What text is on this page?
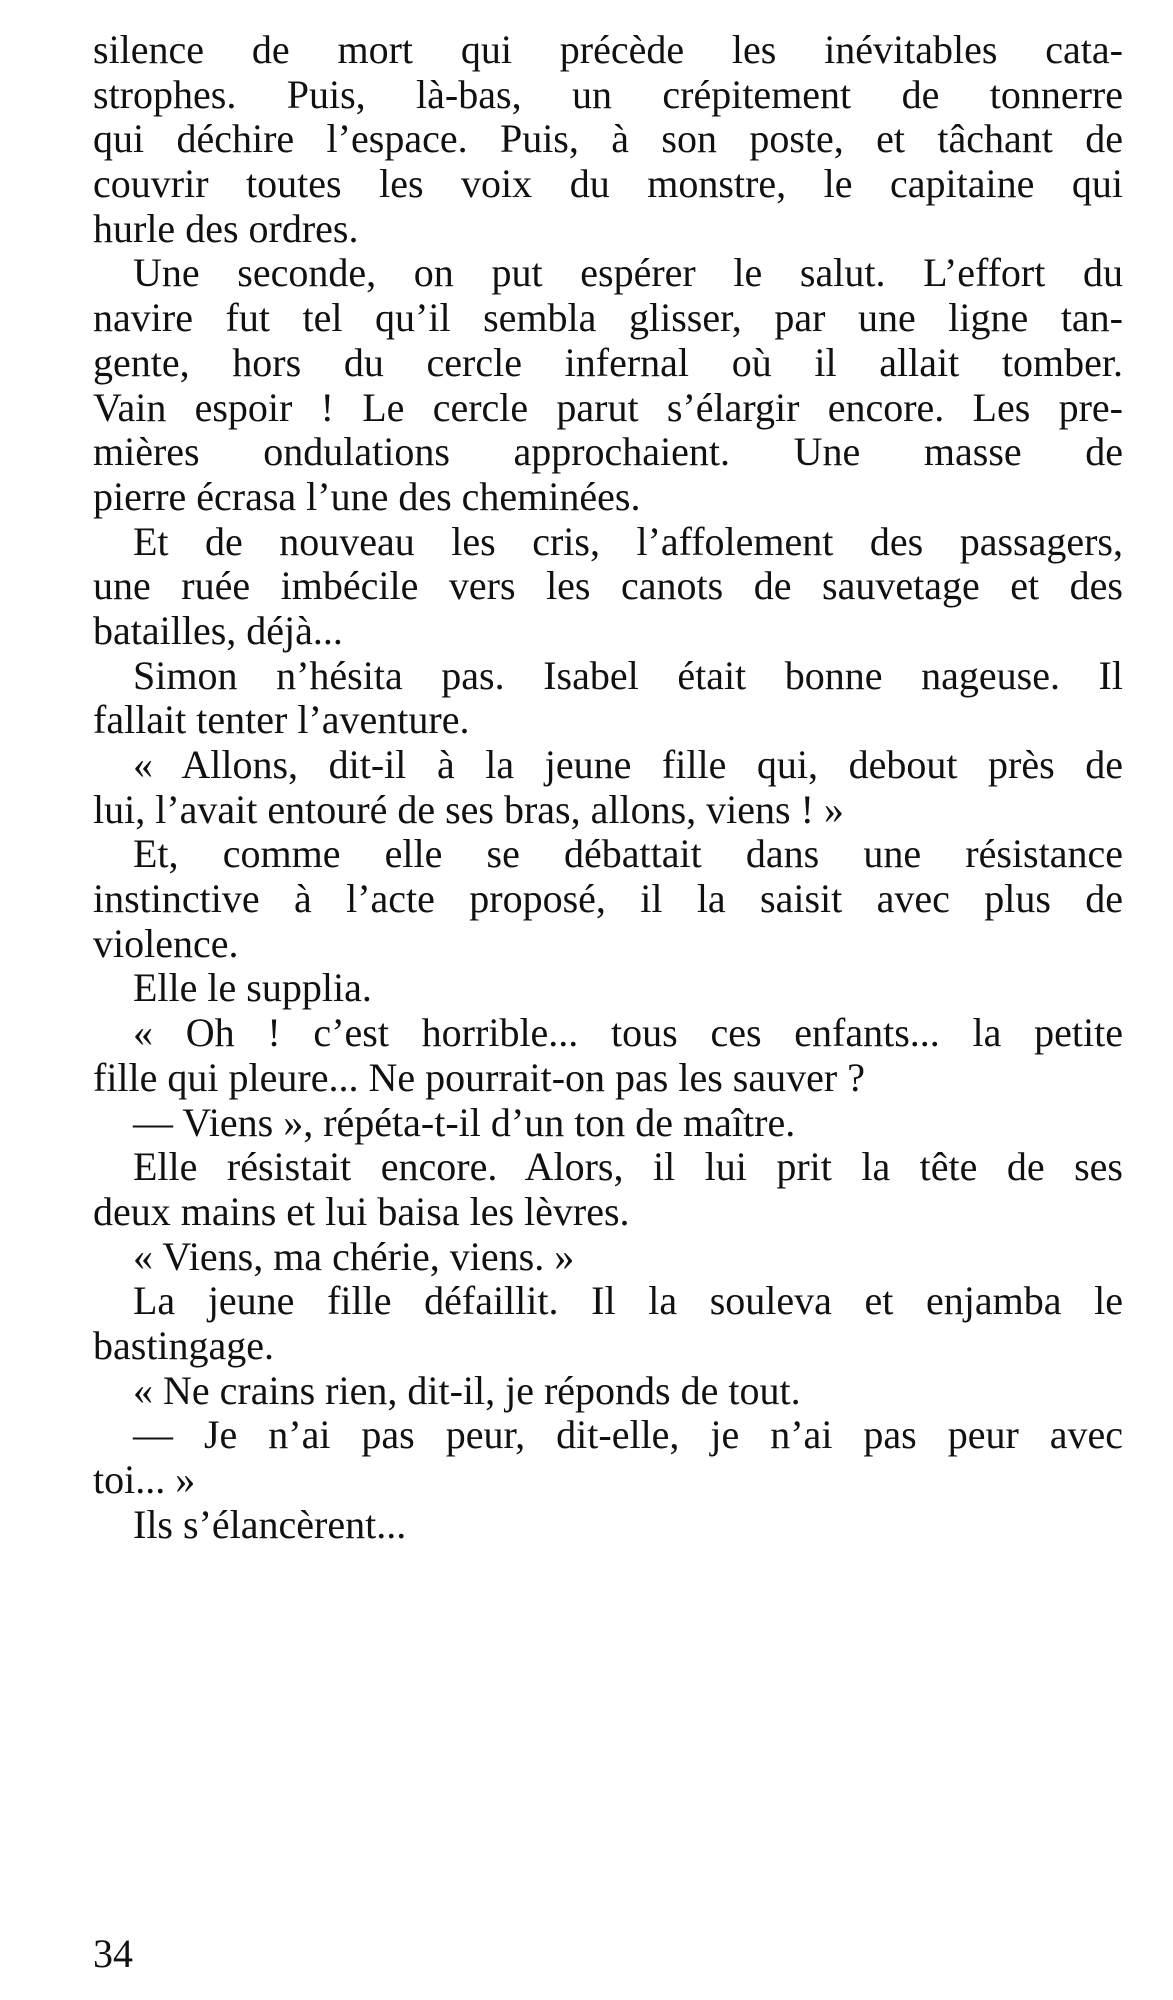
silence de mort qui précède les inévitables cata-
strophes. Puis, là-bas, un crépitement de tonnerre
qui déchire l’espace. Puis, à son poste, et tâchant de
couvrir toutes les voix du monstre, le capitaine qui
hurle des ordres.
Une seconde, on put espérer le salut. L’effort du
navire fut tel qu’il sembla glisser, par une ligne tan-
gente, hors du cercle infernal où il allait tomber.
Vain espoir ! Le cercle parut s’élargir encore. Les pre-
mières ondulations approchaient. Une masse de
pierre écrasa l’une des cheminées.
Et de nouveau les cris, l’affolement des passagers,
une ruée imbécile vers les canots de sauvetage et des
batailles, déjà...
Simon n’hésita pas. Isabel était bonne nageuse. Il
fallait tenter l’aventure.
« Allons, dit-il à la jeune fille qui, debout près de
lui, l’avait entouré de ses bras, allons, viens ! »
Et, comme elle se débattait dans une résistance
instinctive à l’acte proposé, il la saisit avec plus de
violence.
Elle le supplia.
« Oh ! c’est horrible... tous ces enfants... la petite
fille qui pleure... Ne pourrait-on pas les sauver ?
— Viens », répéta-t-il d’un ton de maître.
Elle résistait encore. Alors, il lui prit la tête de ses
deux mains et lui baisa les lèvres.
« Viens, ma chérie, viens. »
La jeune fille défaillit. Il la souleva et enjamba le
bastingage.
« Ne crains rien, dit-il, je réponds de tout.
— Je n’ai pas peur, dit-elle, je n’ai pas peur avec
toi... »
Ils s’élancèrent...
34
